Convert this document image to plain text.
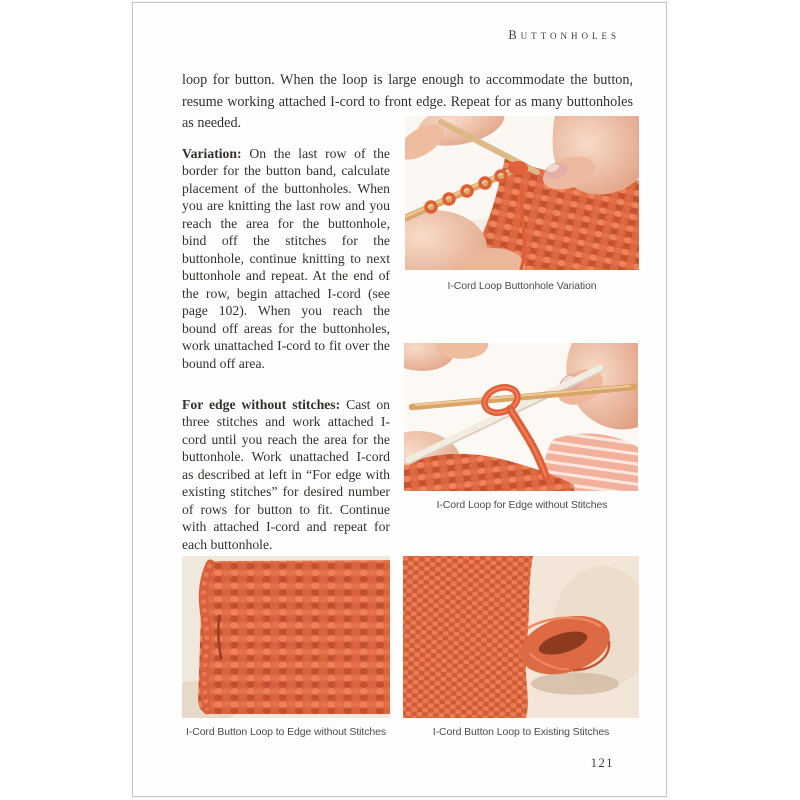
Buttonholes

loop for button. When the loop is large enough to accommodate the button, resume working attached I-cord to front edge. Repeat for as many buttonholes as needed.

Variation: On the last row of the border for the button band, calculate placement of the buttonholes. When you are knitting the last row and you reach the area for the buttonhole, bind off the stitches for the buttonhole, continue knitting to next buttonhole and repeat. At the end of the row, begin attached I-cord (see page 102). When you reach the bound off areas for the buttonholes, work unattached I-cord to fit over the bound off area.

For edge without stitches: Cast on three stitches and work attached I-cord until you reach the area for the buttonhole. Work unattached I-cord as described at left in “For edge with existing stitches” for desired number of rows for button to fit. Continue with attached I-cord and repeat for each buttonhole.

I-Cord Loop Buttonhole Variation
I-Cord Loop for Edge without Stitches
I-Cord Button Loop to Edge without Stitches	I-Cord Button Loop to Existing Stitches
121
